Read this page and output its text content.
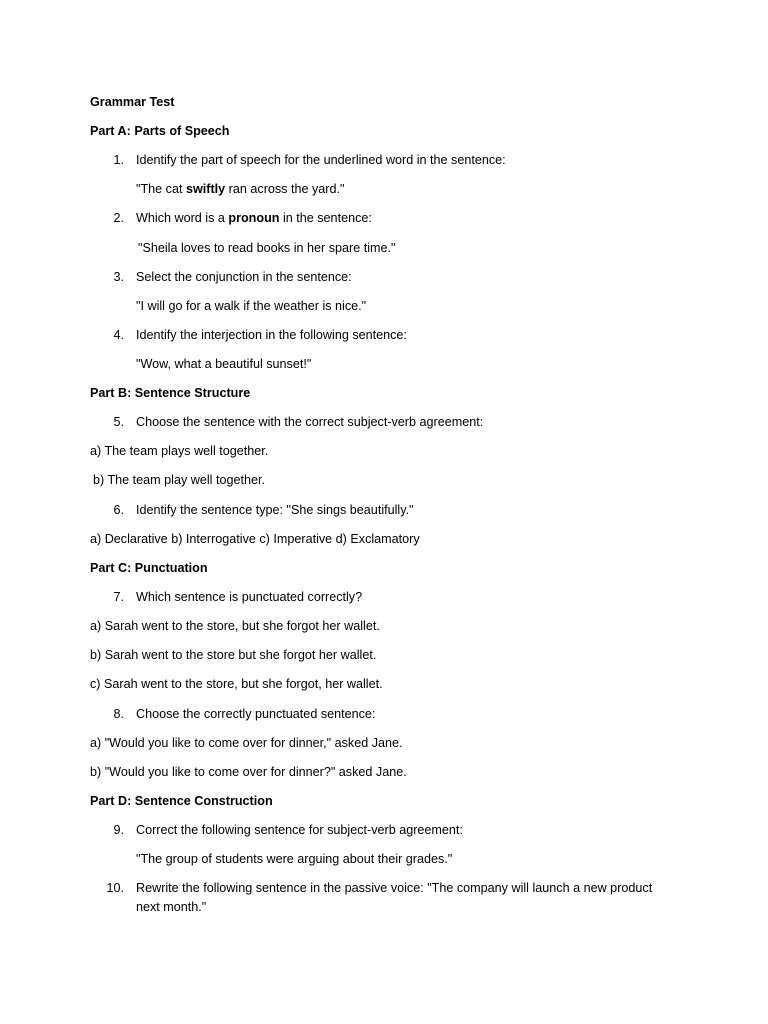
Grammar Test
Part A: Parts of Speech
1. Identify the part of speech for the underlined word in the sentence:
"The cat swiftly ran across the yard."
2. Which word is a pronoun in the sentence:
"Sheila loves to read books in her spare time."
3. Select the conjunction in the sentence:
"I will go for a walk if the weather is nice."
4. Identify the interjection in the following sentence:
"Wow, what a beautiful sunset!"
Part B: Sentence Structure
5. Choose the sentence with the correct subject-verb agreement:
a) The team plays well together.
b) The team play well together.
6. Identify the sentence type: "She sings beautifully."
a) Declarative b) Interrogative c) Imperative d) Exclamatory
Part C: Punctuation
7. Which sentence is punctuated correctly?
a) Sarah went to the store, but she forgot her wallet.
b) Sarah went to the store but she forgot her wallet.
c) Sarah went to the store, but she forgot, her wallet.
8. Choose the correctly punctuated sentence:
a) "Would you like to come over for dinner," asked Jane.
b) "Would you like to come over for dinner?" asked Jane.
Part D: Sentence Construction
9. Correct the following sentence for subject-verb agreement:
"The group of students were arguing about their grades."
10. Rewrite the following sentence in the passive voice: "The company will launch a new product
next month."
